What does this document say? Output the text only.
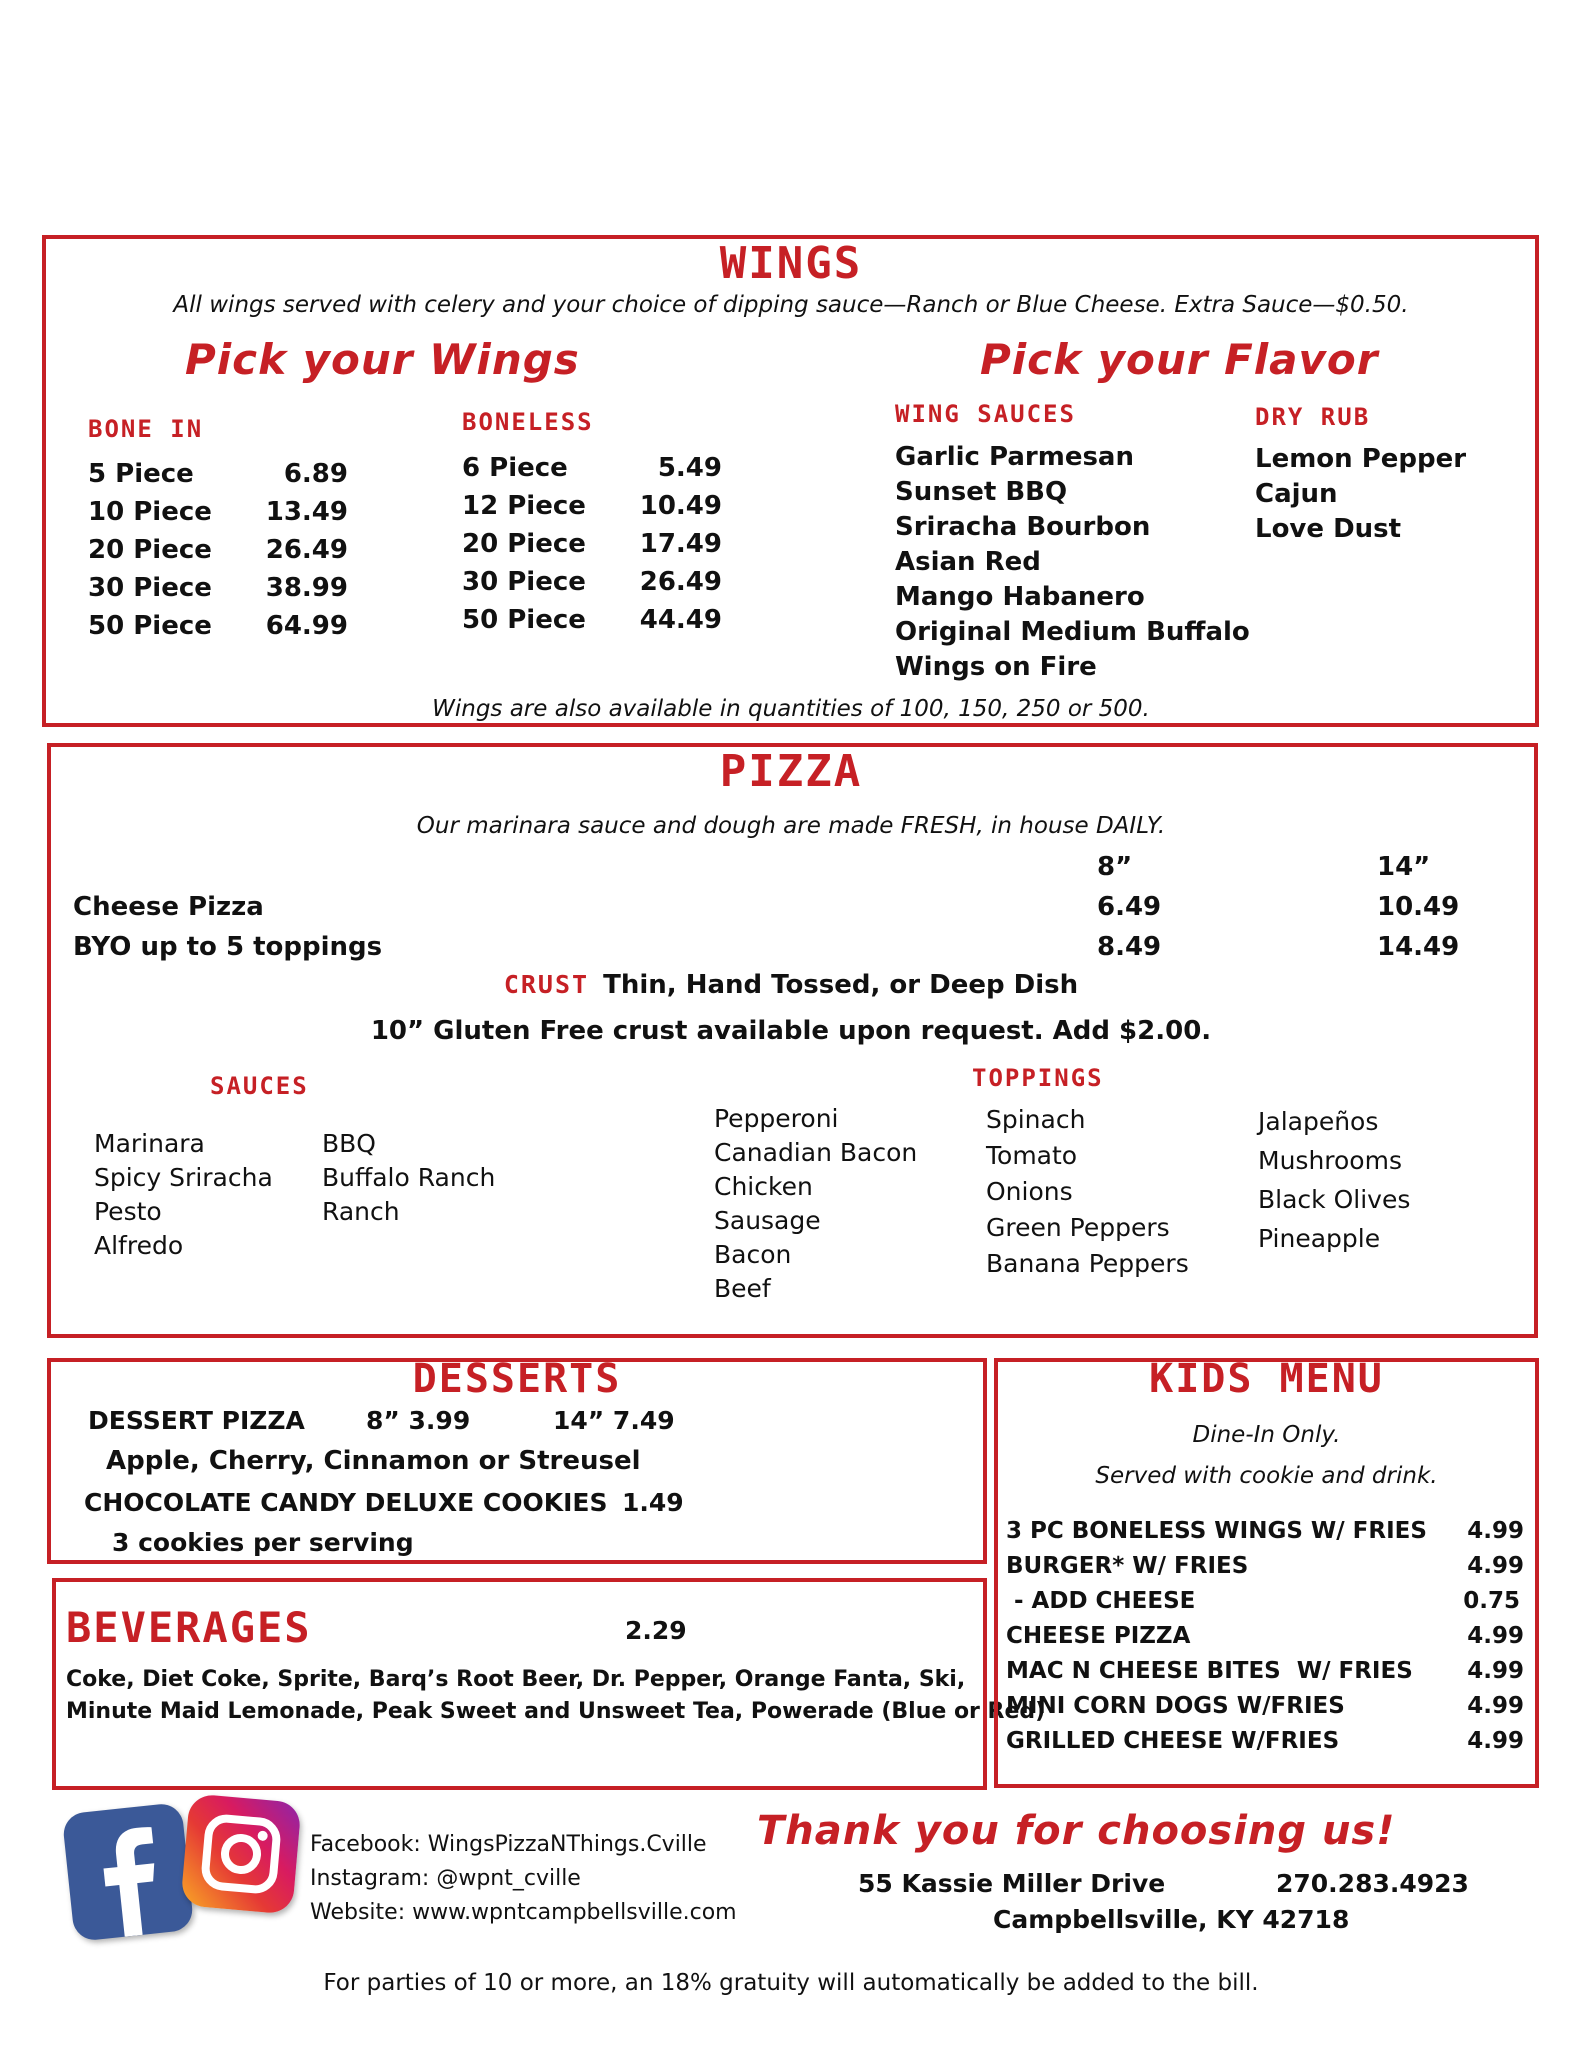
WINGS
All wings served with celery and your choice of dipping sauce—Ranch or Blue Cheese. Extra Sauce—$0.50.
Pick your Wings	Pick your Flavor
BONE IN
5 Piece	6.89
10 Piece 13.49
20 Piece 26.49
30 Piece 38.99
50 Piece 64.99
BONELESS
6 Piece	5.49
12 Piece 10.49
20 Piece 17.49
30 Piece 26.49
50 Piece 44.49
WING SAUCES
Garlic Parmesan
Sunset BBQ
Sriracha Bourbon
Asian Red
Mango Habanero
Original Medium Buffalo
Wings on Fire
DRY RUB
Lemon Pepper
Cajun
Love Dust
Wings are also available in quantities of 100, 150, 250 or 500.
PIZZA
Our marinara sauce and dough are made FRESH, in house DAILY.
8”	14”
Cheese Pizza	6.49	10.49
BYO up to 5 toppings	8.49	14.49
CRUST Thin, Hand Tossed, or Deep Dish
10” Gluten Free crust available upon request. Add $2.00.
SAUCES
Marinara
Spicy Sriracha
Pesto
Alfredo
BBQ
Buffalo Ranch
Ranch
TOPPINGS
Pepperoni
Canadian Bacon
Chicken
Sausage
Bacon
Beef
Spinach
Tomato
Onions
Green Peppers
Banana Peppers
Jalapeños
Mushrooms
Black Olives
Pineapple
DESSERTS
DESSERT PIZZA 8” 3.99	14” 7.49
Apple, Cherry, Cinnamon or Streusel
CHOCOLATE CANDY DELUXE COOKIES 1.49
3 cookies per serving
BEVERAGES	2.29
Coke, Diet Coke, Sprite, Barq’s Root Beer, Dr. Pepper, Orange Fanta, Ski,
Minute Maid Lemonade, Peak Sweet and Unsweet Tea, Powerade (Blue or Red)
KIDS MENU
Dine-In Only.
Served with cookie and drink.
3 PC BONELESS WINGS W/ FRIES 4.99
BURGER* W/ FRIES	4.99
- ADD CHEESE	0.75
CHEESE PIZZA	4.99
MAC N CHEESE BITES  W/ FRIES 4.99
MINI CORN DOGS W/FRIES	4.99
GRILLED CHEESE W/FRIES	4.99
Facebook: WingsPizzaNThings.Cville
Instagram: @wpnt_cville
Website: www.wpntcampbellsville.com
Thank you for choosing us!
55 Kassie Miller Drive	270.283.4923
Campbellsville, KY 42718
For parties of 10 or more, an 18% gratuity will automatically be added to the bill.
